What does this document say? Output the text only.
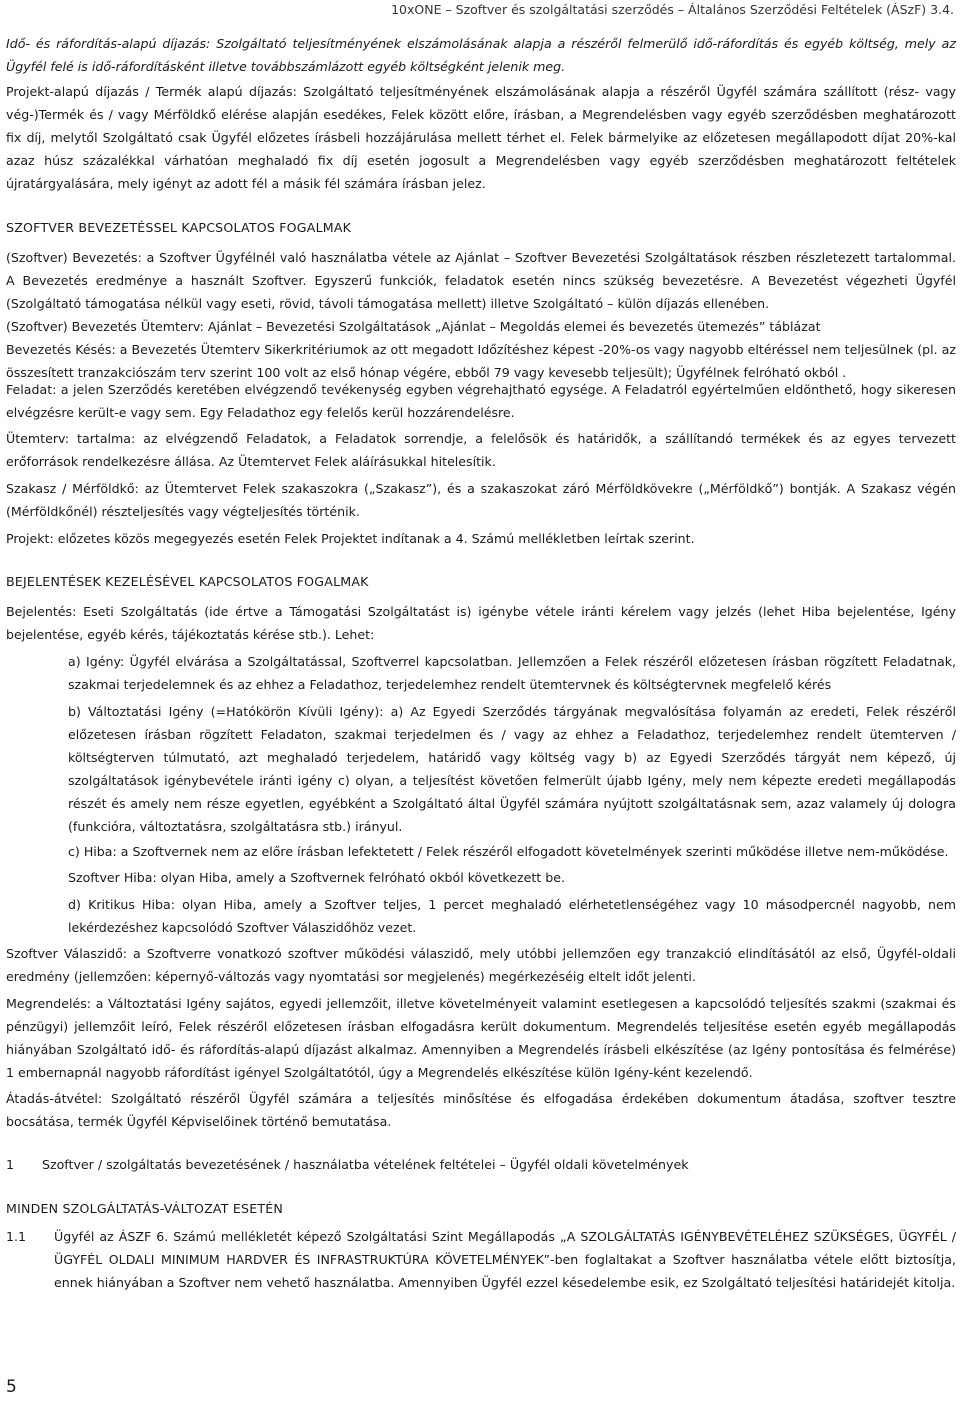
10xONE – Szoftver és szolgáltatási szerződés – Általános Szerződési Feltételek (ÁSzF) 3.4.

Idő- és ráfordítás-alapú díjazás: Szolgáltató teljesítményének elszámolásának alapja a részéről felmerülő idő-ráfordítás és egyéb költség, mely az Ügyfél felé is idő-ráfordításként illetve továbbszámlázott egyéb költségként jelenik meg.

Projekt-alapú díjazás / Termék alapú díjazás: Szolgáltató teljesítményének elszámolásának alapja a részéről Ügyfél számára szállított (rész- vagy vég-)Termék és / vagy Mérföldkő elérése alapján esedékes, Felek között előre, írásban, a Megrendelésben vagy egyéb szerződésben meghatározott fix díj, melytől Szolgáltató csak Ügyfél előzetes írásbeli hozzájárulása mellett térhet el. Felek bármelyike az előzetesen megállapodott díjat 20%-kal azaz húsz százalékkal várhatóan meghaladó fix díj esetén jogosult a Megrendelésben vagy egyéb szerződésben meghatározott feltételek újratárgyalására, mely igényt az adott fél a másik fél számára írásban jelez.

SZOFTVER BEVEZETÉSSEL KAPCSOLATOS FOGALMAK

(Szoftver) Bevezetés: a Szoftver Ügyfélnél való használatba vétele az Ajánlat – Szoftver Bevezetési Szolgáltatások részben részletezett tartalommal. A Bevezetés eredménye a használt Szoftver. Egyszerű funkciók, feladatok esetén nincs szükség bevezetésre. A Bevezetést végezheti Ügyfél (Szolgáltató támogatása nélkül vagy eseti, rövid, távoli támogatása mellett) illetve Szolgáltató – külön díjazás ellenében.

(Szoftver) Bevezetés Ütemterv: Ajánlat – Bevezetési Szolgáltatások „Ajánlat – Megoldás elemei és bevezetés ütemezés” táblázat

Bevezetés Késés: a Bevezetés Ütemterv Sikerkritériumok az ott megadott Időzítéshez képest -20%-os vagy nagyobb eltéréssel nem teljesülnek (pl. az összesített tranzakciószám terv szerint 100 volt az első hónap végére, ebből 79 vagy kevesebb teljesült); Ügyfélnek felróható okból .

Feladat: a jelen Szerződés keretében elvégzendő tevékenység egyben végrehajtható egysége. A Feladatról egyértelműen eldönthető, hogy sikeresen elvégzésre került-e vagy sem. Egy Feladathoz egy felelős kerül hozzárendelésre.

Ütemterv: tartalma: az elvégzendő Feladatok, a Feladatok sorrendje, a felelősök és határidők, a szállítandó termékek és az egyes tervezett erőforrások rendelkezésre állása. Az Ütemtervet Felek aláírásukkal hitelesítik.

Szakasz / Mérföldkő: az Ütemtervet Felek szakaszokra („Szakasz”), és a szakaszokat záró Mérföldkövekre („Mérföldkő”) bontják. A Szakasz végén (Mérföldkőnél) részteljesítés vagy végteljesítés történik.

Projekt: előzetes közös megegyezés esetén Felek Projektet indítanak a 4. Számú mellékletben leírtak szerint.

BEJELENTÉSEK KEZELÉSÉVEL KAPCSOLATOS FOGALMAK

Bejelentés: Eseti Szolgáltatás (ide értve a Támogatási Szolgáltatást is) igénybe vétele iránti kérelem vagy jelzés (lehet Hiba bejelentése, Igény bejelentése, egyéb kérés, tájékoztatás kérése stb.). Lehet:

a) Igény: Ügyfél elvárása a Szolgáltatással, Szoftverrel kapcsolatban. Jellemzően a Felek részéről előzetesen írásban rögzített Feladatnak, szakmai terjedelemnek és az ehhez a Feladathoz, terjedelemhez rendelt ütemtervnek és költségtervnek megfelelő kérés

b) Változtatási Igény (=Hatókörön Kívüli Igény): a) Az Egyedi Szerződés tárgyának megvalósítása folyamán az eredeti, Felek részéről előzetesen írásban rögzített Feladaton, szakmai terjedelmen és / vagy az ehhez a Feladathoz, terjedelemhez rendelt ütemterven / költségterven túlmutató, azt meghaladó terjedelem, határidő vagy költség vagy b) az Egyedi Szerződés tárgyát nem képező, új szolgáltatások igénybevétele iránti igény c) olyan, a teljesítést követően felmerült újabb Igény, mely nem képezte eredeti megállapodás részét és amely nem része egyetlen, egyébként a Szolgáltató által Ügyfél számára nyújtott szolgáltatásnak sem, azaz valamely új dologra (funkcióra, változtatásra, szolgáltatásra stb.) irányul.

c) Hiba: a Szoftvernek nem az előre írásban lefektetett / Felek részéről elfogadott követelmények szerinti működése illetve nem-működése.

Szoftver Hiba: olyan Hiba, amely a Szoftvernek felróható okból következett be.

d) Kritikus Hiba: olyan Hiba, amely a Szoftver teljes, 1 percet meghaladó elérhetetlenségéhez vagy 10 másodpercnél nagyobb, nem lekérdezéshez kapcsolódó Szoftver Válaszidőhöz vezet.

Szoftver Válaszidő: a Szoftverre vonatkozó szoftver működési válaszidő, mely utóbbi jellemzően egy tranzakció elindításától az első, Ügyfél-oldali eredmény (jellemzően: képernyő-változás vagy nyomtatási sor megjelenés) megérkezéséig eltelt időt jelenti.

Megrendelés: a Változtatási Igény sajátos, egyedi jellemzőit, illetve követelményeit valamint esetlegesen a kapcsolódó teljesítés szakmi (szakmai és pénzügyi) jellemzőit leíró, Felek részéről előzetesen írásban elfogadásra került dokumentum. Megrendelés teljesítése esetén egyéb megállapodás hiányában Szolgáltató idő- és ráfordítás-alapú díjazást alkalmaz. Amennyiben a Megrendelés írásbeli elkészítése (az Igény pontosítása és felmérése) 1 embernapnál nagyobb ráfordítást igényel Szolgáltatótól, úgy a Megrendelés elkészítése külön Igény-ként kezelendő.

Átadás-átvétel: Szolgáltató részéről Ügyfél számára a teljesítés minősítése és elfogadása érdekében dokumentum átadása, szoftver tesztre bocsátása, termék Ügyfél Képviselőinek történő bemutatása.

1 Szoftver / szolgáltatás bevezetésének / használatba vételének feltételei – Ügyfél oldali követelmények

MINDEN SZOLGÁLTATÁS-VÁLTOZAT ESETÉN

1.1 Ügyfél az ÁSZF 6. Számú mellékletét képező Szolgáltatási Szint Megállapodás „A SZOLGÁLTATÁS IGÉNYBEVÉTELÉHEZ SZÜKSÉGES, ÜGYFÉL / ÜGYFÉL OLDALI MINIMUM HARDVER ÉS INFRASTRUKTÚRA KÖVETELMÉNYEK”-ben foglaltakat a Szoftver használatba vétele előtt biztosítja, ennek hiányában a Szoftver nem vehető használatba. Amennyiben Ügyfél ezzel késedelembe esik, ez Szolgáltató teljesítési határidejét kitolja.

5
